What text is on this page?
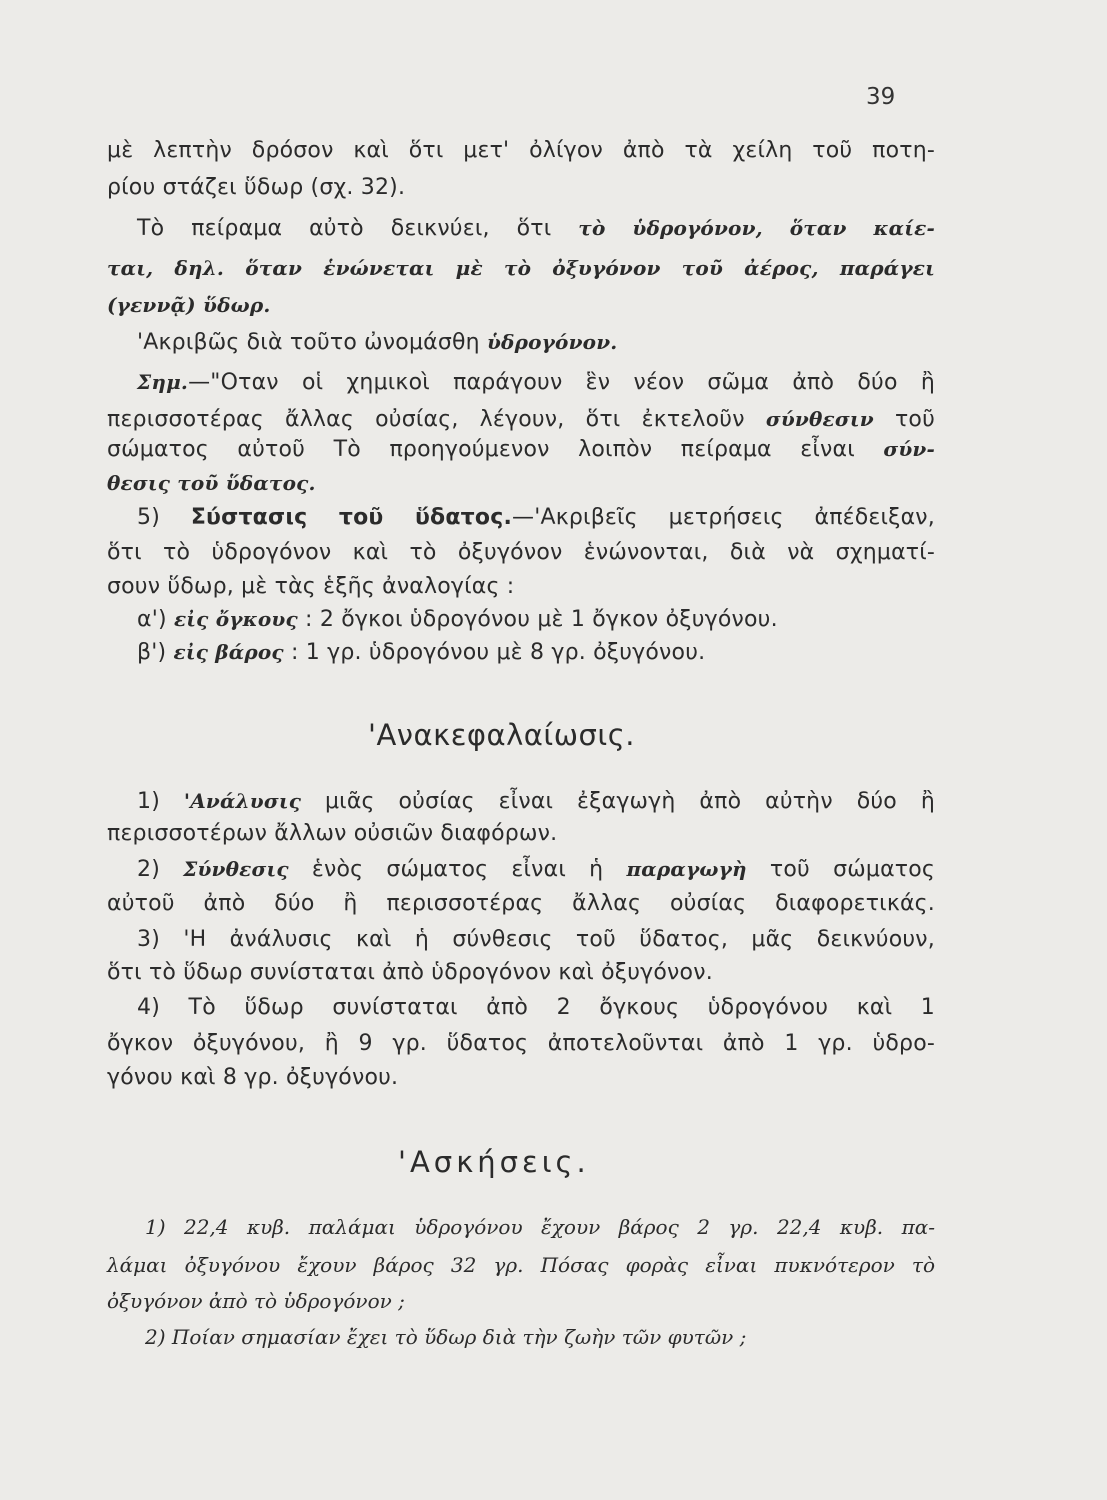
39
μὲ λεπτὴν δρόσον καὶ ὅτι μετ' ὀλίγον ἀπὸ τὰ χείλη τοῦ ποτη-
ρίου στάζει ὕδωρ (σχ. 32).
Τὸ πείραμα αὐτὸ δεικνύει, ὅτι τὸ ὑδρογόνον, ὅταν καίε-
ται, δηλ. ὅταν ἑνώνεται μὲ τὸ ὀξυγόνον τοῦ ἀέρος, παράγει
(γεννᾷ) ὕδωρ.
'Ακριβῶς διὰ τοῦτο ὠνομάσθη ὑδρογόνον.
Σημ.—"Οταν οἱ χημικοὶ παράγουν ἓν νέον σῶμα ἀπὸ δύο ἢ
περισσοτέρας ἄλλας οὐσίας, λέγουν, ὅτι ἐκτελοῦν σύνθεσιν τοῦ
σώματος αὐτοῦ Τὸ προηγούμενον λοιπὸν πείραμα εἶναι σύν-
θεσις τοῦ ὕδατος.
5) Σύστασις τοῦ ὕδατος.—'Ακριβεῖς μετρήσεις ἀπέδειξαν,
ὅτι τὸ ὑδρογόνον καὶ τὸ ὀξυγόνον ἑνώνονται, διὰ νὰ σχηματί-
σουν ὕδωρ, μὲ τὰς ἑξῆς ἀναλογίας :
α') εἰς ὄγκους : 2 ὄγκοι ὑδρογόνου μὲ 1 ὄγκον ὀξυγόνου.
β') εἰς βάρος : 1 γρ. ὑδρογόνου μὲ 8 γρ. ὀξυγόνου.
'Ανακεφαλαίωσις.
1) 'Ανάλυσις μιᾶς οὐσίας εἶναι ἐξαγωγὴ ἀπὸ αὐτὴν δύο ἢ
περισσοτέρων ἄλλων οὐσιῶν διαφόρων.
2) Σύνθεσις ἑνὸς σώματος εἶναι ἡ παραγωγὴ τοῦ σώματος
αὐτοῦ ἀπὸ δύο ἢ περισσοτέρας ἄλλας οὐσίας διαφορετικάς.
3) 'Η ἀνάλυσις καὶ ἡ σύνθεσις τοῦ ὕδατος, μᾶς δεικνύουν,
ὅτι τὸ ὕδωρ συνίσταται ἀπὸ ὑδρογόνον καὶ ὀξυγόνον.
4) Τὸ ὕδωρ συνίσταται ἀπὸ 2 ὄγκους ὑδρογόνου καὶ 1
ὄγκον ὀξυγόνου, ἢ 9 γρ. ὕδατος ἀποτελοῦνται ἀπὸ 1 γρ. ὑδρο-
γόνου καὶ 8 γρ. ὀξυγόνου.
'Ασκήσεις.
1) 22,4 κυβ. παλάμαι ὑδρογόνου ἔχουν βάρος 2 γρ. 22,4 κυβ. πα-
λάμαι ὀξυγόνου ἔχουν βάρος 32 γρ. Πόσας φορὰς εἶναι πυκνότερον τὸ
ὀξυγόνον ἀπὸ τὸ ὑδρογόνον ;
2) Ποίαν σημασίαν ἔχει τὸ ὕδωρ διὰ τὴν ζωὴν τῶν φυτῶν ;
